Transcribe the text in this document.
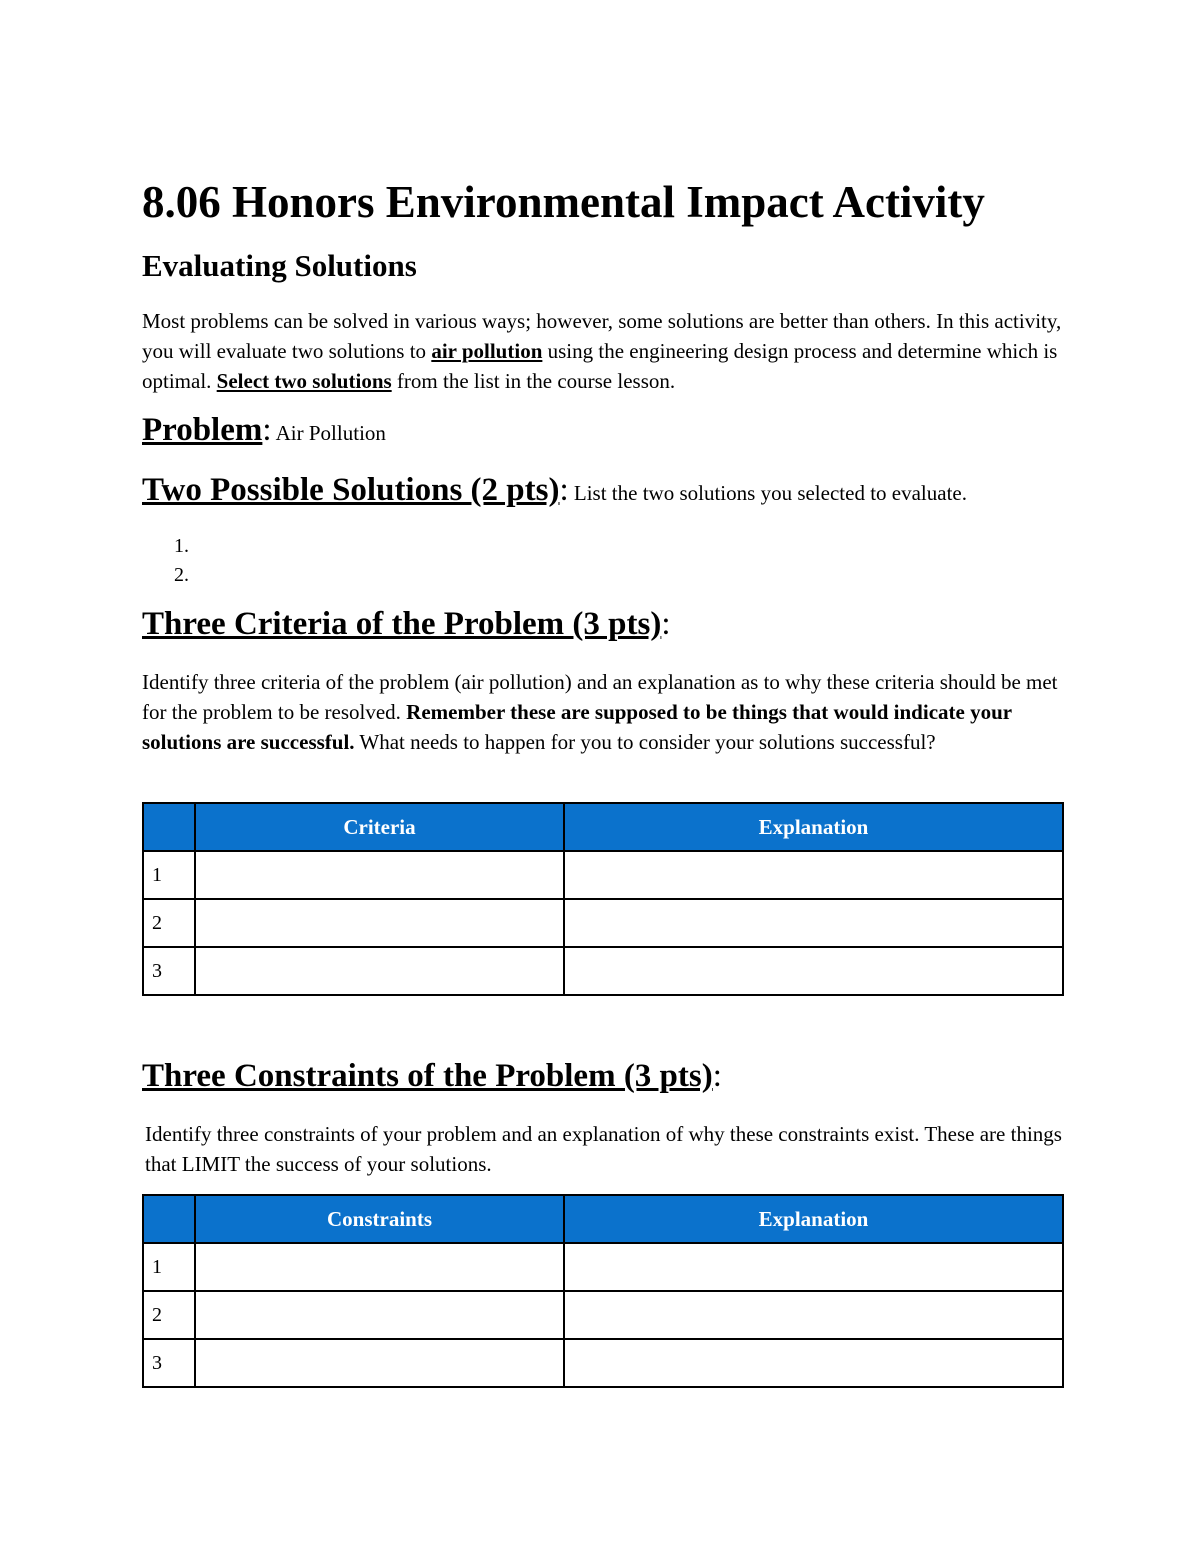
8.06 Honors Environmental Impact Activity
Evaluating Solutions

Most problems can be solved in various ways; however, some solutions are better than others. In this activity, you will evaluate two solutions to air pollution using the engineering design process and determine which is optimal. Select two solutions from the list in the course lesson.

Problem: Air Pollution

Two Possible Solutions (2 pts): List the two solutions you selected to evaluate.

1.
2.

Three Criteria of the Problem (3 pts):

Identify three criteria of the problem (air pollution) and an explanation as to why these criteria should be met for the problem to be resolved. Remember these are supposed to be things that would indicate your solutions are successful. What needs to happen for you to consider your solutions successful?

	Criteria	Explanation
1		
2		
3		

Three Constraints of the Problem (3 pts):

Identify three constraints of your problem and an explanation of why these constraints exist. These are things that LIMIT the success of your solutions.

	Constraints	Explanation
1		
2		
3		
